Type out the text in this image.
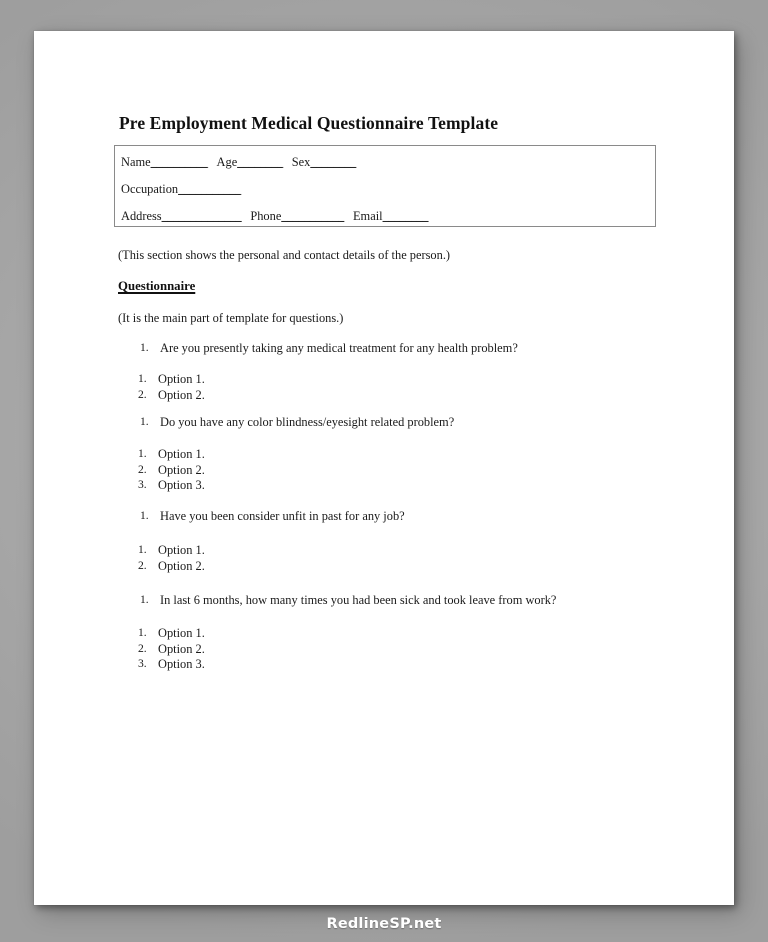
Pre Employment Medical Questionnaire Template
Name__________ Age________ Sex________
Occupation___________
Address______________ Phone___________ Email________
(This section shows the personal and contact details of the person.)
Questionnaire
(It is the main part of template for questions.)
1. Are you presently taking any medical treatment for any health problem?
1. Option 1.
2. Option 2.
1. Do you have any color blindness/eyesight related problem?
1. Option 1.
2. Option 2.
3. Option 3.
1. Have you been consider unfit in past for any job?
1. Option 1.
2. Option 2.
1. In last 6 months, how many times you had been sick and took leave from work?
1. Option 1.
2. Option 2.
3. Option 3.
RedlineSP.net
